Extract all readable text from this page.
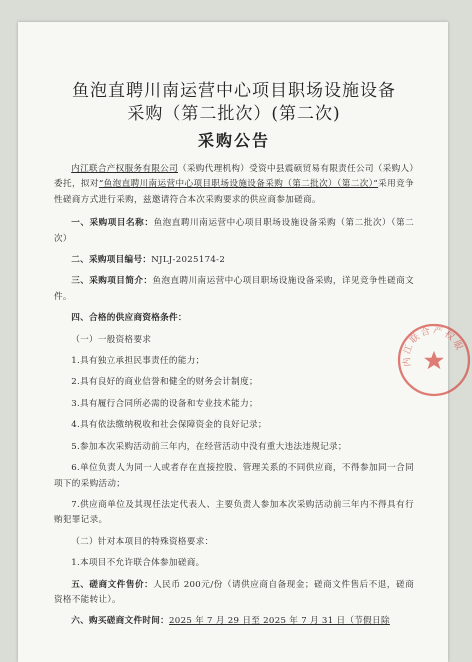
鱼泡直聘川南运营中心项目职场设施设备
采购（第二批次）(第二次)
采购公告

内江联合产权服务有限公司（采购代理机构）受资中县震硕贸易有限责任公司（采购人）委托，拟对“鱼泡直聘川南运营中心项目职场设施设备采购（第二批次）（第二次）”采用竞争性磋商方式进行采购，兹邀请符合本次采购要求的供应商参加磋商。

一、采购项目名称：鱼泡直聘川南运营中心项目职场设施设备采购（第二批次）（第二次）

二、采购项目编号：NJLJ-2025174-2

三、采购项目简介：鱼泡直聘川南运营中心项目职场设施设备采购，详见竞争性磋商文件。

四、合格的供应商资格条件：

（一）一般资格要求

1.具有独立承担民事责任的能力；

2.具有良好的商业信誉和健全的财务会计制度；

3.具有履行合同所必需的设备和专业技术能力；

4.具有依法缴纳税收和社会保障资金的良好记录；

5.参加本次采购活动前三年内，在经营活动中没有重大违法违规记录；

6.单位负责人为同一人或者存在直接控股、管理关系的不同供应商，不得参加同一合同项下的采购活动；

7.供应商单位及其现任法定代表人、主要负责人参加本次采购活动前三年内不得具有行贿犯罪记录。

（二）针对本项目的特殊资格要求：

1.本项目不允许联合体参加磋商。

五、磋商文件售价：人民币 200元/份（请供应商自备现金；磋商文件售后不退，磋商资格不能转让）。

六、购买磋商文件时间：2025 年 7 月 29 日至 2025 年 7 月 31 日（节假日除

内江联合产权服
